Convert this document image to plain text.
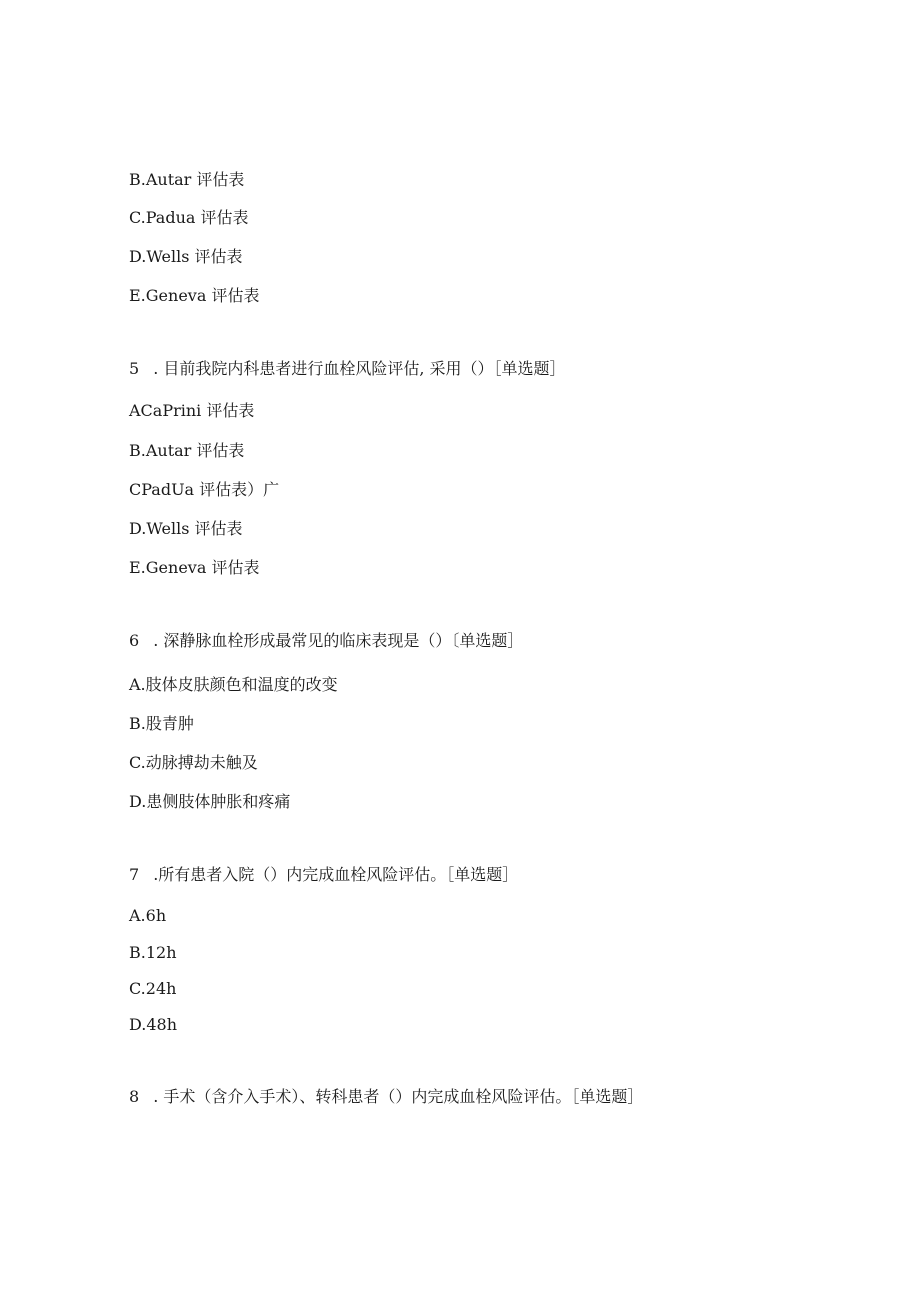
B.Autar 评估表
C.Padua 评估表
D.Wells 评估表
E.Geneva 评估表
5 . 目前我院内科患者进行血栓风险评估, 采用（）［单选题］
ACaPrini 评估表
B.Autar 评估表
CPadUa 评估表）广
D.Wells 评估表
E.Geneva 评估表
6 . 深静脉血栓形成最常见的临床表现是（）〔单选题］
A.肢体皮肤颜色和温度的改变
B.股青肿
C.动脉搏劫未触及
D.患侧肢体肿胀和疼痛
7 .所有患者入院（）内完成血栓风险评估。［单选题］
A.6h
B.12h
C.24h
D.48h
8 . 手术（含介入手术）、转科患者（）内完成血栓风险评估。［单选题］
